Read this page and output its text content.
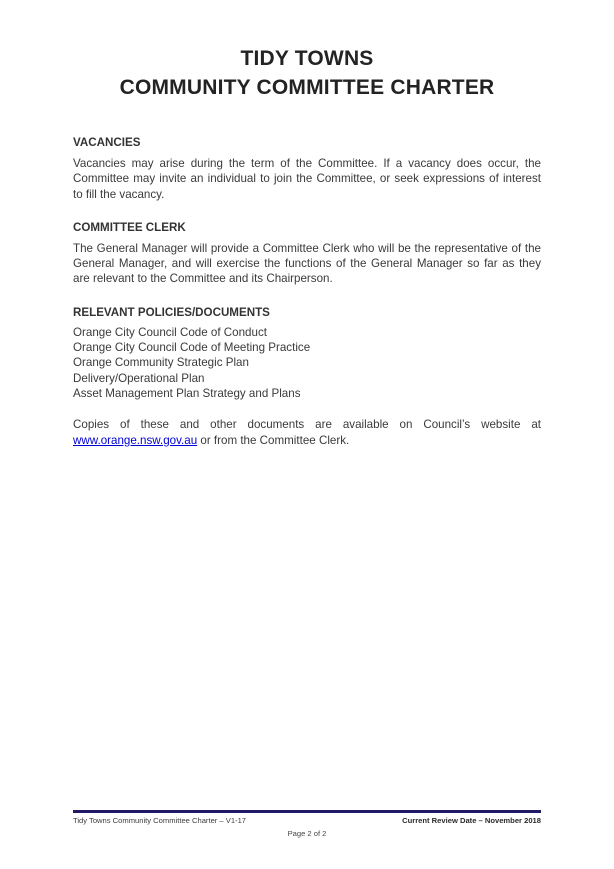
TIDY TOWNS
COMMUNITY COMMITTEE CHARTER
VACANCIES
Vacancies may arise during the term of the Committee. If a vacancy does occur, the Committee may invite an individual to join the Committee, or seek expressions of interest to fill the vacancy.
COMMITTEE CLERK
The General Manager will provide a Committee Clerk who will be the representative of the General Manager, and will exercise the functions of the General Manager so far as they are relevant to the Committee and its Chairperson.
RELEVANT POLICIES/DOCUMENTS
Orange City Council Code of Conduct
Orange City Council Code of Meeting Practice
Orange Community Strategic Plan
Delivery/Operational Plan
Asset Management Plan Strategy and Plans
Copies of these and other documents are available on Council’s website at www.orange.nsw.gov.au or from the Committee Clerk.
Tidy Towns Community Committee Charter – V1-17	Current Review Date – November 2018
Page 2 of 2
